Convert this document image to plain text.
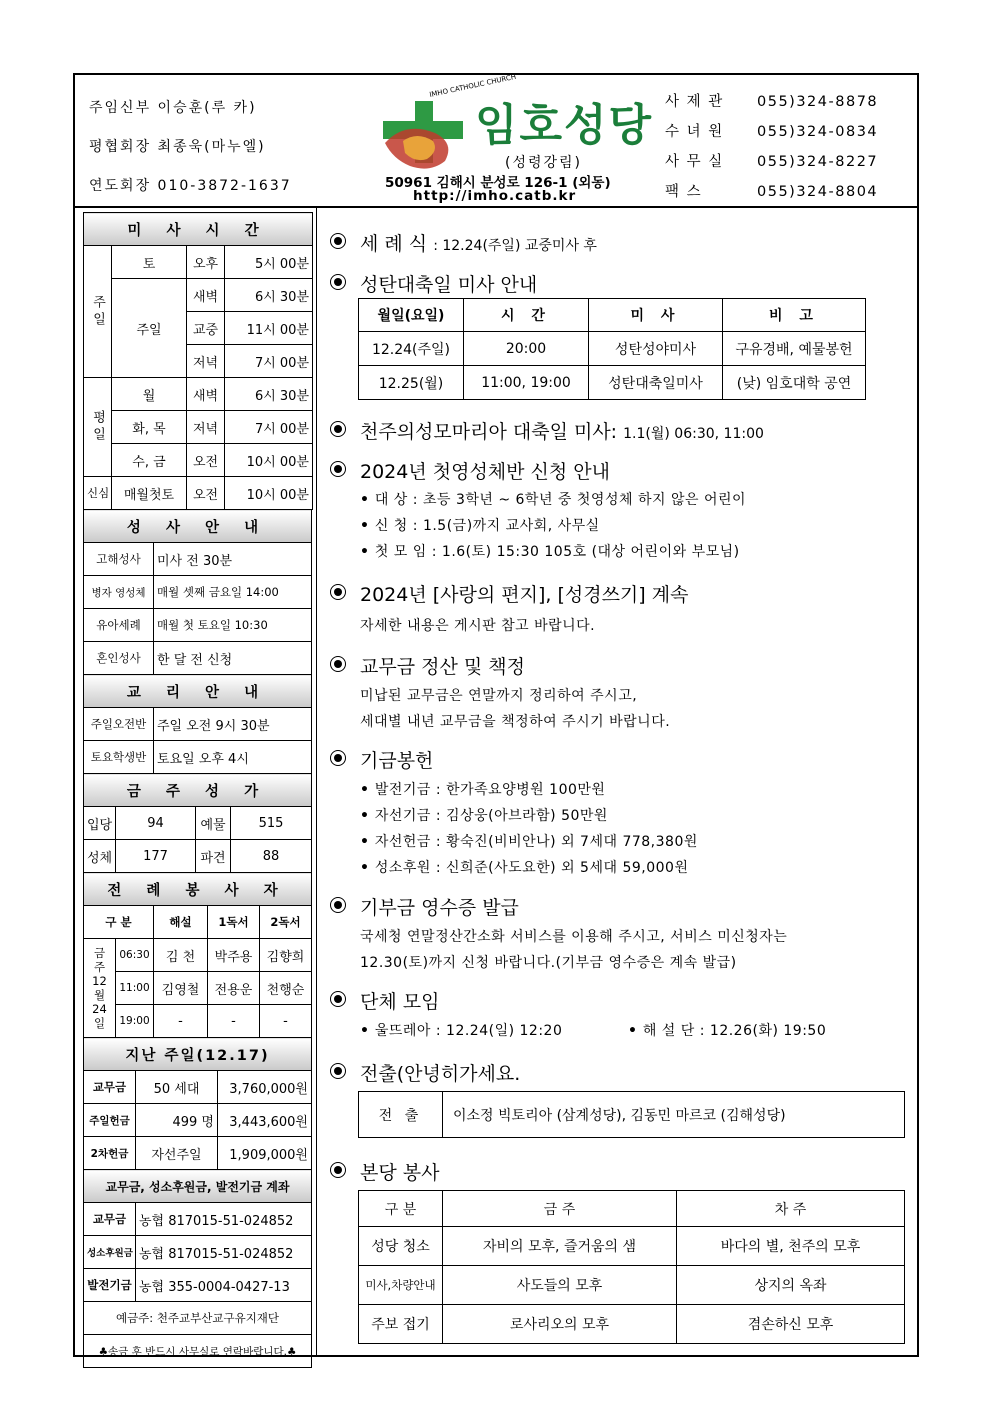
주임신부 이승훈(루 카)
평협회장 최종욱(마누엘)
연도회장 010-3872-1637
IMHO CATHOLIC CHURCH
임호성당
(성령강림)
50961 김해시 분성로 126-1 (외동)
http://imho.catb.kr
사 제 관	055)324-8878
수 녀 원	055)324-0834
사 무 실	055)324-8227
팩 스	055)324-8804
미 사 시 간			
주일	토	오후	5시 00분
	주일	새벽	6시 30분
		교중	11시 00분
		저녁	7시 00분
평일	월	새벽	6시 30분
	화, 목	저녁	7시 00분
	수, 금	오전	10시 00분
신심	매월첫토	오전	10시 00분
성 사 안 내	
고해성사	미사 전 30분
병자 영성체	매월 셋째 금요일 14:00
유아세례	매월 첫 토요일 10:30
혼인성사	한 달 전 신청
교 리 안 내	
주일오전반	주일 오전 9시 30분
토요학생반	토요일 오후 4시
금 주 성 가			
입당	94	예물	515
성체	177	파견	88
전 례 봉 사 자				
구 분		해설	1독서	2독서
금주 12월 24일	06:30	김 천	박주용	김향희
	11:00	김영철	전용운	천행순
	19:00	-	-	-
지난 주일(12.17)		
교무금	50 세대	3,760,000원
주일헌금	499 명	3,443,600원
2차헌금	자선주일	1,909,000원
교무금, 성소후원금, 발전기금 계좌	
교무금	농협 817015-51-024852
성소후원금	농협 817015-51-024852
발전기금	농협 355-0004-0427-13
예금주: 천주교부산교구유지재단	
♣송금 후 반드시 사무실로 연락바랍니다.♣	
세 례 식 : 12.24(주일) 교중미사 후
성탄대축일 미사 안내
월일(요일)	시 간	미 사	비 고
12.24(주일)	20:00	성탄성야미사	구유경배, 예물봉헌
12.25(월)	11:00, 19:00	성탄대축일미사	(낮) 임호대학 공연
천주의성모마리아 대축일 미사: 1.1(월) 06:30, 11:00
2024년 첫영성체반 신청 안내
• 대 상 : 초등 3학년 ~ 6학년 중 첫영성체 하지 않은 어린이
• 신 청 : 1.5(금)까지 교사회, 사무실
• 첫 모 임 : 1.6(토) 15:30 105호 (대상 어린이와 부모님)
2024년 [사랑의 편지], [성경쓰기] 계속
자세한 내용은 게시판 참고 바랍니다.
교무금 정산 및 책정
미납된 교무금은 연말까지 정리하여 주시고,
세대별 내년 교무금을 책정하여 주시기 바랍니다.
기금봉헌
• 발전기금 : 한가족요양병원 100만원
• 자선기금 : 김상웅(아브라함) 50만원
• 자선헌금 : 황숙진(비비안나) 외 7세대 778,380원
• 성소후원 : 신희준(사도요한) 외 5세대 59,000원
기부금 영수증 발급
국세청 연말정산간소화 서비스를 이용해 주시고, 서비스 미신청자는
12.30(토)까지 신청 바랍니다.(기부금 영수증은 계속 발급)
단체 모임
• 울뜨레아 : 12.24(일) 12:20	• 해 설 단 : 12.26(화) 19:50
전출(안녕히가세요.
전 출	이소정 빅토리아 (삼계성당), 김동민 마르코 (김해성당)
본당 봉사
구 분	금 주	차 주
성당 청소	자비의 모후, 즐거움의 샘	바다의 별, 천주의 모후
미사,차량안내	사도들의 모후	상지의 옥좌
주보 접기	로사리오의 모후	겸손하신 모후
